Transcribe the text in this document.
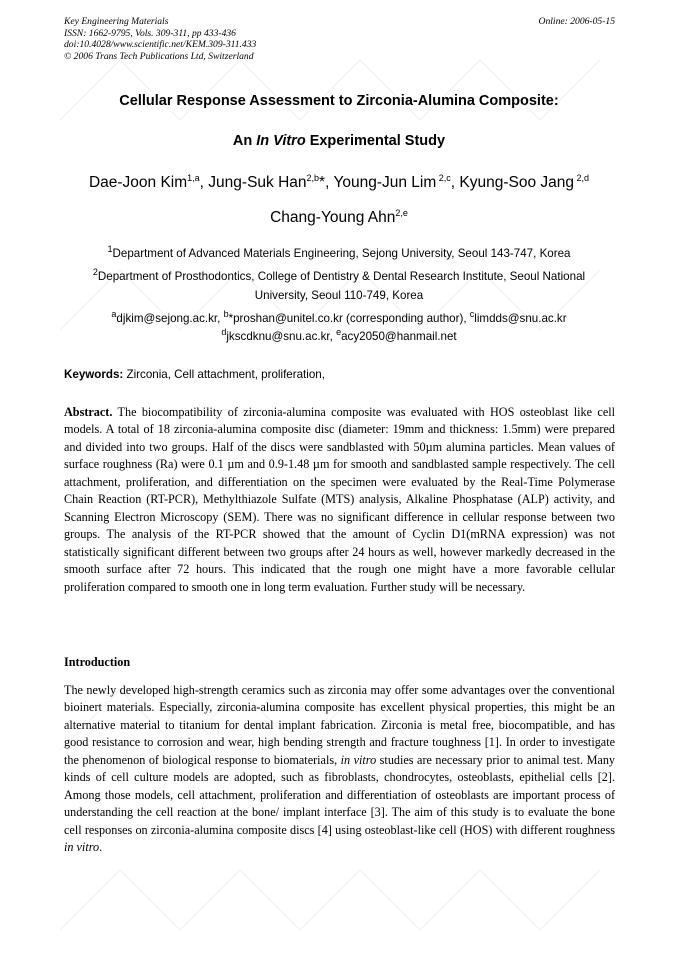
Key Engineering Materials
ISSN: 1662-9795, Vols. 309-311, pp 433-436
doi:10.4028/www.scientific.net/KEM.309-311.433
© 2006 Trans Tech Publications Ltd, Switzerland
Online: 2006-05-15
Cellular Response Assessment to Zirconia-Alumina Composite:
An In Vitro Experimental Study
Dae-Joon Kim$^{1,a}$, Jung-Suk Han$^{2,b}$*, Young-Jun Lim $^{2,c}$, Kyung-Soo Jang $^{2,d}$
Chang-Young Ahn$^{2,e}$
$^1$Department of Advanced Materials Engineering, Sejong University, Seoul 143-747, Korea
$^2$Department of Prosthodontics, College of Dentistry & Dental Research Institute, Seoul National
University, Seoul 110-749, Korea
$^a$djkim@sejong.ac.kr, $^b$*proshan@unitel.co.kr (corresponding author), $^c$limdds@snu.ac.kr
$^d$jkscdknu@snu.ac.kr, $^e$acy2050@hanmail.net
Keywords: Zirconia, Cell attachment, proliferation,
Abstract. The biocompatibility of zirconia-alumina composite was evaluated with HOS osteoblast like cell models. A total of 18 zirconia-alumina composite disc (diameter: 19mm and thickness: 1.5mm) were prepared and divided into two groups. Half of the discs were sandblasted with 50µm alumina particles. Mean values of surface roughness (Ra) were 0.1 µm and 0.9-1.48 µm for smooth and sandblasted sample respectively. The cell attachment, proliferation, and differentiation on the specimen were evaluated by the Real-Time Polymerase Chain Reaction (RT-PCR), Methylthiazole Sulfate (MTS) analysis, Alkaline Phosphatase (ALP) activity, and Scanning Electron Microscopy (SEM). There was no significant difference in cellular response between two groups. The analysis of the RT-PCR showed that the amount of Cyclin D1(mRNA expression) was not statistically significant different between two groups after 24 hours as well, however markedly decreased in the smooth surface after 72 hours. This indicated that the rough one might have a more favorable cellular proliferation compared to smooth one in long term evaluation. Further study will be necessary.
Introduction
The newly developed high-strength ceramics such as zirconia may offer some advantages over the conventional bioinert materials. Especially, zirconia-alumina composite has excellent physical properties, this might be an alternative material to titanium for dental implant fabrication. Zirconia is metal free, biocompatible, and has good resistance to corrosion and wear, high bending strength and fracture toughness [1]. In order to investigate the phenomenon of biological response to biomaterials, in vitro studies are necessary prior to animal test. Many kinds of cell culture models are adopted, such as fibroblasts, chondrocytes, osteoblasts, epithelial cells [2]. Among those models, cell attachment, proliferation and differentiation of osteoblasts are important process of understanding the cell reaction at the bone/ implant interface [3]. The aim of this study is to evaluate the bone cell responses on zirconia-alumina composite discs [4] using osteoblast-like cell (HOS) with different roughness in vitro.
